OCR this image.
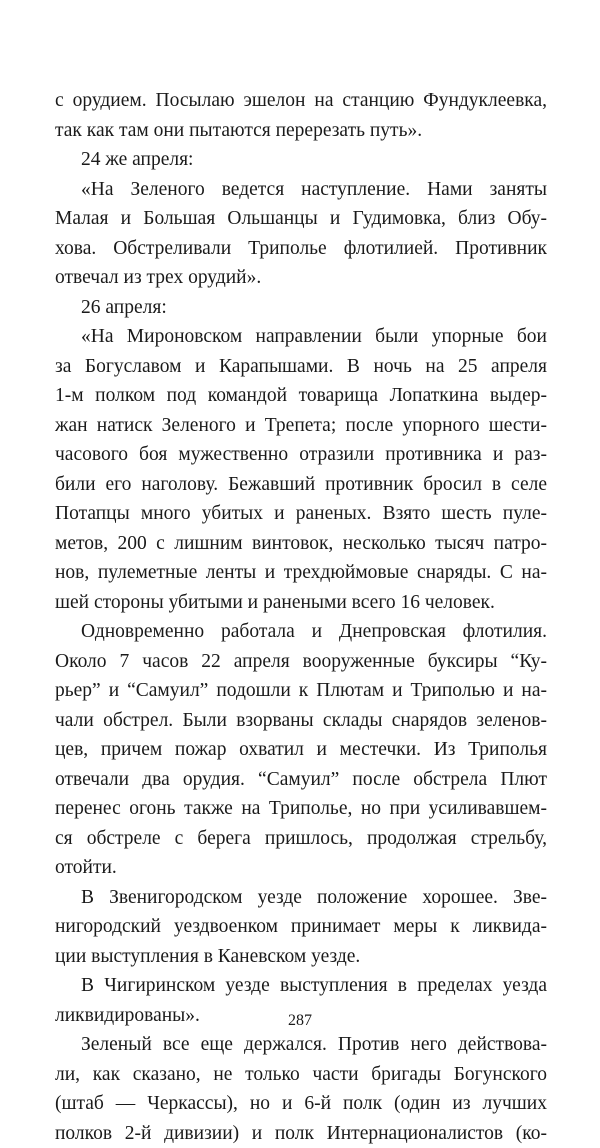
с орудием. Посылаю эшелон на станцию Фундуклеевка,
так как там они пытаются перерезать путь».
24 же апреля:
«На Зеленого ведется наступление. Нами заняты
Малая и Большая Ольшанцы и Гудимовка, близ Обу-
хова. Обстреливали Триполье флотилией. Противник
отвечал из трех орудий».
26 апреля:
«На Мироновском направлении были упорные бои
за Богуславом и Карапышами. В ночь на 25 апреля
1-м полком под командой товарища Лопаткина выдер-
жан натиск Зеленого и Трепета; после упорного шести-
часового боя мужественно отразили противника и раз-
били его наголову. Бежавший противник бросил в селе
Потапцы много убитых и раненых. Взято шесть пуле-
метов, 200 с лишним винтовок, несколько тысяч патро-
нов, пулеметные ленты и трехдюймовые снаряды. С на-
шей стороны убитыми и ранеными всего 16 человек.
Одновременно работала и Днепровская флотилия.
Около 7 часов 22 апреля вооруженные буксиры “Ку-
рьер” и “Самуил” подошли к Плютам и Триполью и на-
чали обстрел. Были взорваны склады снарядов зеленов-
цев, причем пожар охватил и местечки. Из Триполья
отвечали два орудия. “Самуил” после обстрела Плют
перенес огонь также на Триполье, но при усиливавшем-
ся обстреле с берега пришлось, продолжая стрельбу,
отойти.
В Звенигородском уезде положение хорошее. Зве-
нигородский уездвоенком принимает меры к ликвида-
ции выступления в Каневском уезде.
В Чигиринском уезде выступления в пределах уезда
ликвидированы».
Зеленый все еще держался. Против него действова-
ли, как сказано, не только части бригады Богунского
(штаб — Черкассы), но и 6-й полк (один из лучших
полков 2-й дивизии) и полк Интернационалистов (ко-
287
